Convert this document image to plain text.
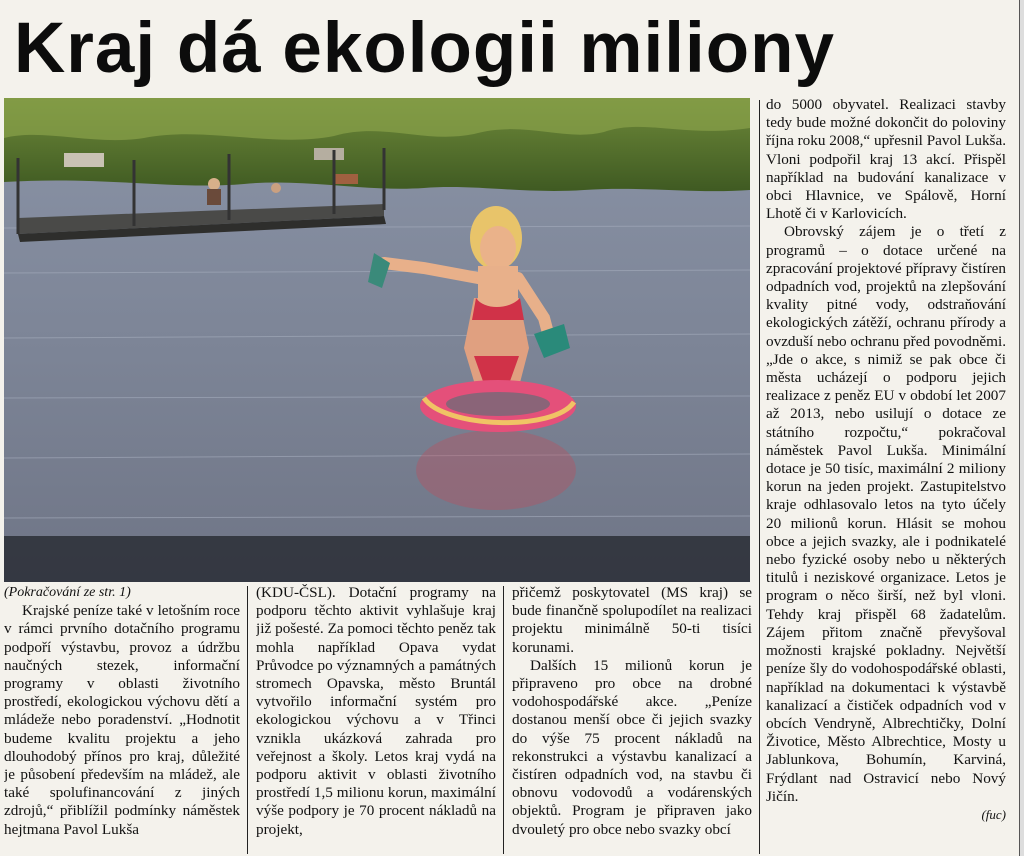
Kraj dá ekologii miliony
(Pokračování ze str. 1)

Krajské peníze také v letošním roce v rámci prvního dotačního programu podpoří výstavbu, provoz a údržbu naučných stezek, informační programy v oblasti životního prostředí, ekologickou výchovu dětí a mládeže nebo poradenství. „Hodnotit budeme kvalitu projektu a jeho dlouhodobý přínos pro kraj, důležité je působení především na mládež, ale také spolufinancování z jiných zdrojů,“ přiblížil podmínky náměstek hejtmana Pavol Lukša

(KDU-ČSL). Dotační programy na podporu těchto aktivit vyhlašuje kraj již pošesté. Za pomoci těchto peněz tak mohla například Opava vydat Průvodce po významných a památných stromech Opavska, město Bruntál vytvořilo informační systém pro ekologickou výchovu a v Třinci vznikla ukázková zahrada pro veřejnost a školy. Letos kraj vydá na podporu aktivit v oblasti životního prostředí 1,5 milionu korun, maximální výše podpory je 70 procent nákladů na projekt,

přičemž poskytovatel (MS kraj) se bude finančně spolupodílet na realizaci projektu minimálně 50-ti tisíci korunami.

Dalších 15 milionů korun je připraveno pro obce na drobné vodohospodářské akce. „Peníze dostanou menší obce či jejich svazky do výše 75 procent nákladů na rekonstrukci a výstavbu kanalizací a čistíren odpadních vod, na stavbu či obnovu vodovodů a vodárenských objektů. Program je připraven jako dvouletý pro obce nebo svazky obcí

do 5000 obyvatel. Realizaci stavby tedy bude možné dokončit do poloviny října roku 2008,“ upřesnil Pavol Lukša. Vloni podpořil kraj 13 akcí. Přispěl například na budování kanalizace v obci Hlavnice, ve Spálově, Horní Lhotě či v Karlovicích.

Obrovský zájem je o třetí z programů – o dotace určené na zpracování projektové přípravy čistíren odpadních vod, projektů na zlepšování kvality pitné vody, odstraňování ekologických zátěží, ochranu přírody a ovzduší nebo ochranu před povodněmi. „Jde o akce, s nimiž se pak obce či města ucházejí o podporu jejich realizace z peněz EU v období let 2007 až 2013, nebo usilují o dotace ze státního rozpočtu,“ pokračoval náměstek Pavol Lukša. Minimální dotace je 50 tisíc, maximální 2 miliony korun na jeden projekt. Zastupitelstvo kraje odhlasovalo letos na tyto účely 20 milionů korun. Hlásit se mohou obce a jejich svazky, ale i podnikatelé nebo fyzické osoby nebo u některých titulů i neziskové organizace. Letos je program o něco širší, než byl vloni. Tehdy kraj přispěl 68 žadatelům. Zájem přitom značně převyšoval možnosti krajské pokladny. Největší peníze šly do vodohospodářské oblasti, například na dokumentaci k výstavbě kanalizací a čističek odpadních vod v obcích Vendryně, Albrechtičky, Dolní Životice, Město Albrechtice, Mosty u Jablunkova, Bohumín, Karviná, Frýdlant nad Ostravicí nebo Nový Jičín.

(fuc)
